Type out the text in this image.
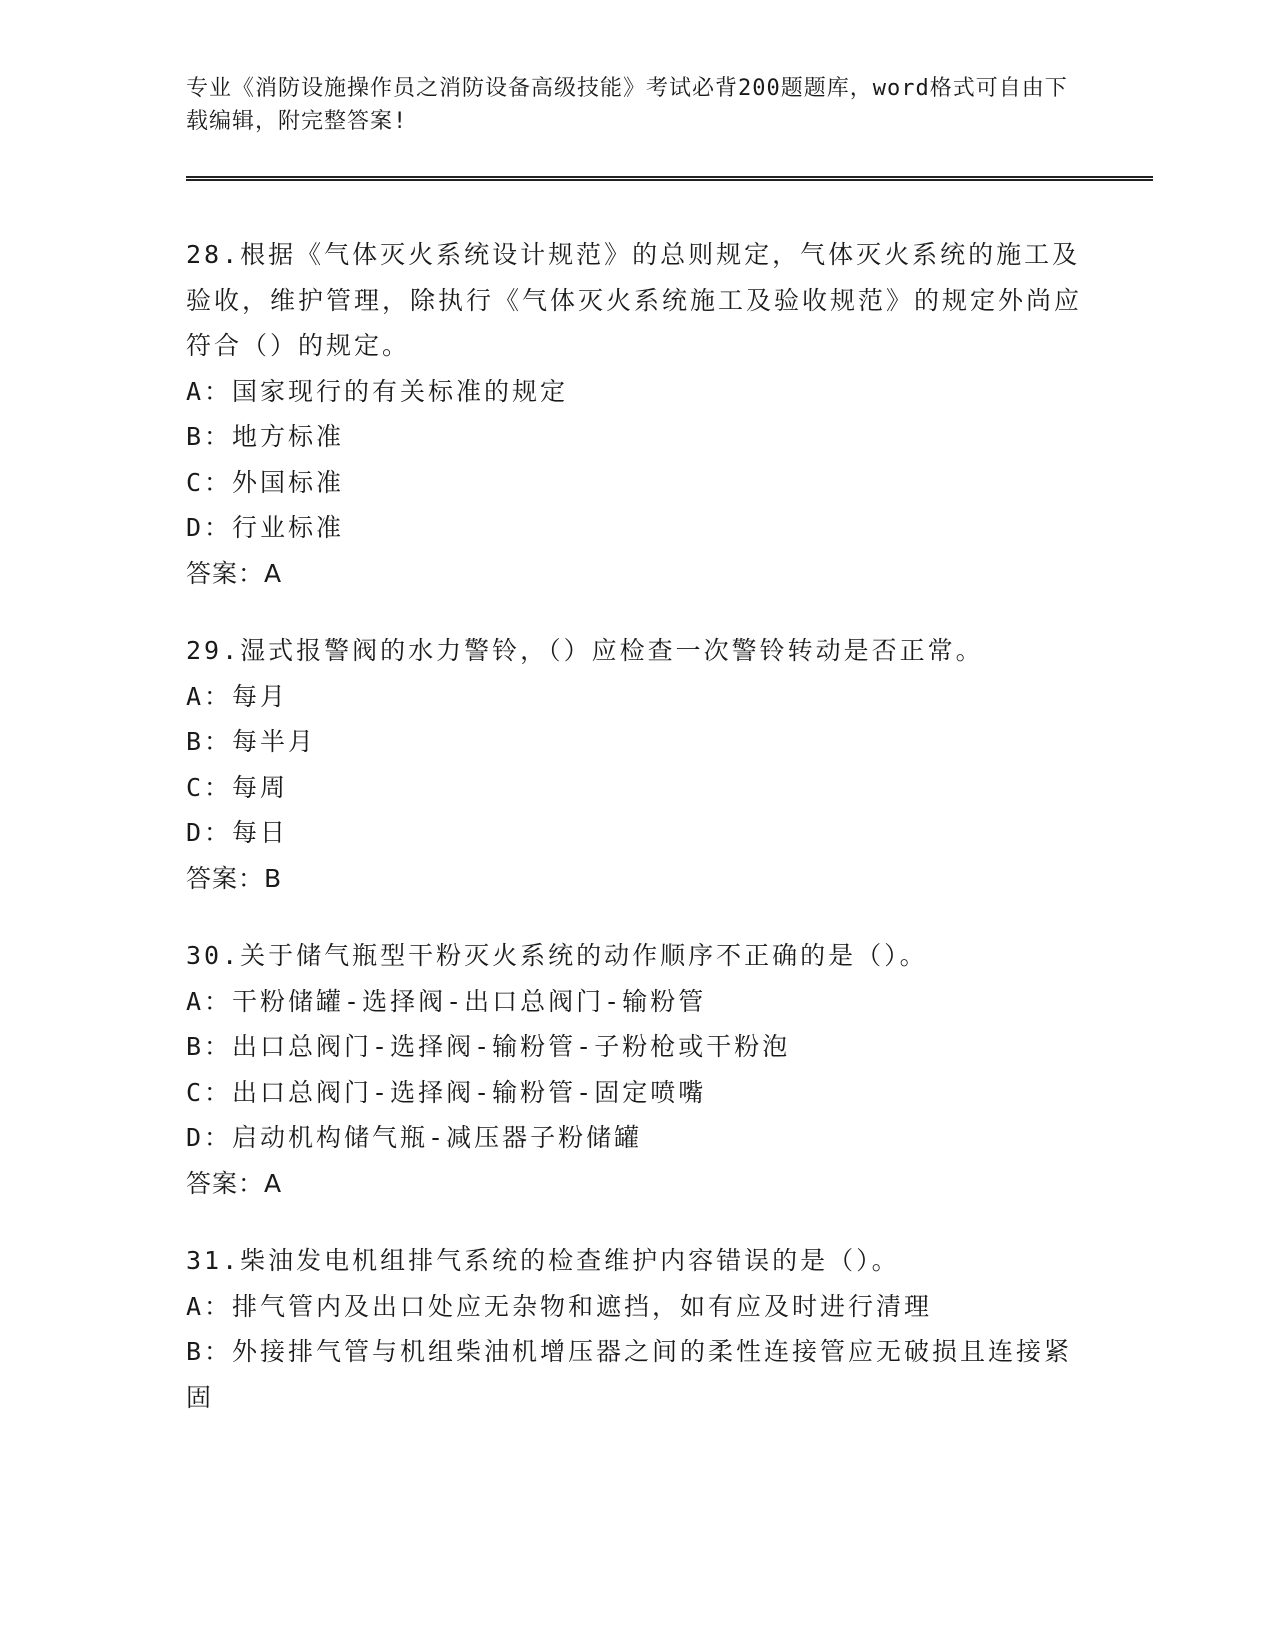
专业《消防设施操作员之消防设备高级技能》考试必背200题题库，word格式可自由下载编辑，附完整答案!
28.根据《气体灭火系统设计规范》的总则规定，气体灭火系统的施工及验收，维护管理，除执行《气体灭火系统施工及验收规范》的规定外尚应符合（）的规定。
A：国家现行的有关标准的规定
B：地方标准
C：外国标准
D：行业标准
答案：A
29.湿式报警阀的水力警铃，（）应检查一次警铃转动是否正常。
A：每月
B：每半月
C：每周
D：每日
答案：B
30.关于储气瓶型干粉灭火系统的动作顺序不正确的是（）。
A：干粉储罐-选择阀-出口总阀门-输粉管
B：出口总阀门-选择阀-输粉管-子粉枪或干粉泡
C：出口总阀门-选择阀-输粉管-固定喷嘴
D：启动机构储气瓶-减压器子粉储罐
答案：A
31.柴油发电机组排气系统的检查维护内容错误的是（）。
A：排气管内及出口处应无杂物和遮挡，如有应及时进行清理
B：外接排气管与机组柴油机增压器之间的柔性连接管应无破损且连接紧固
